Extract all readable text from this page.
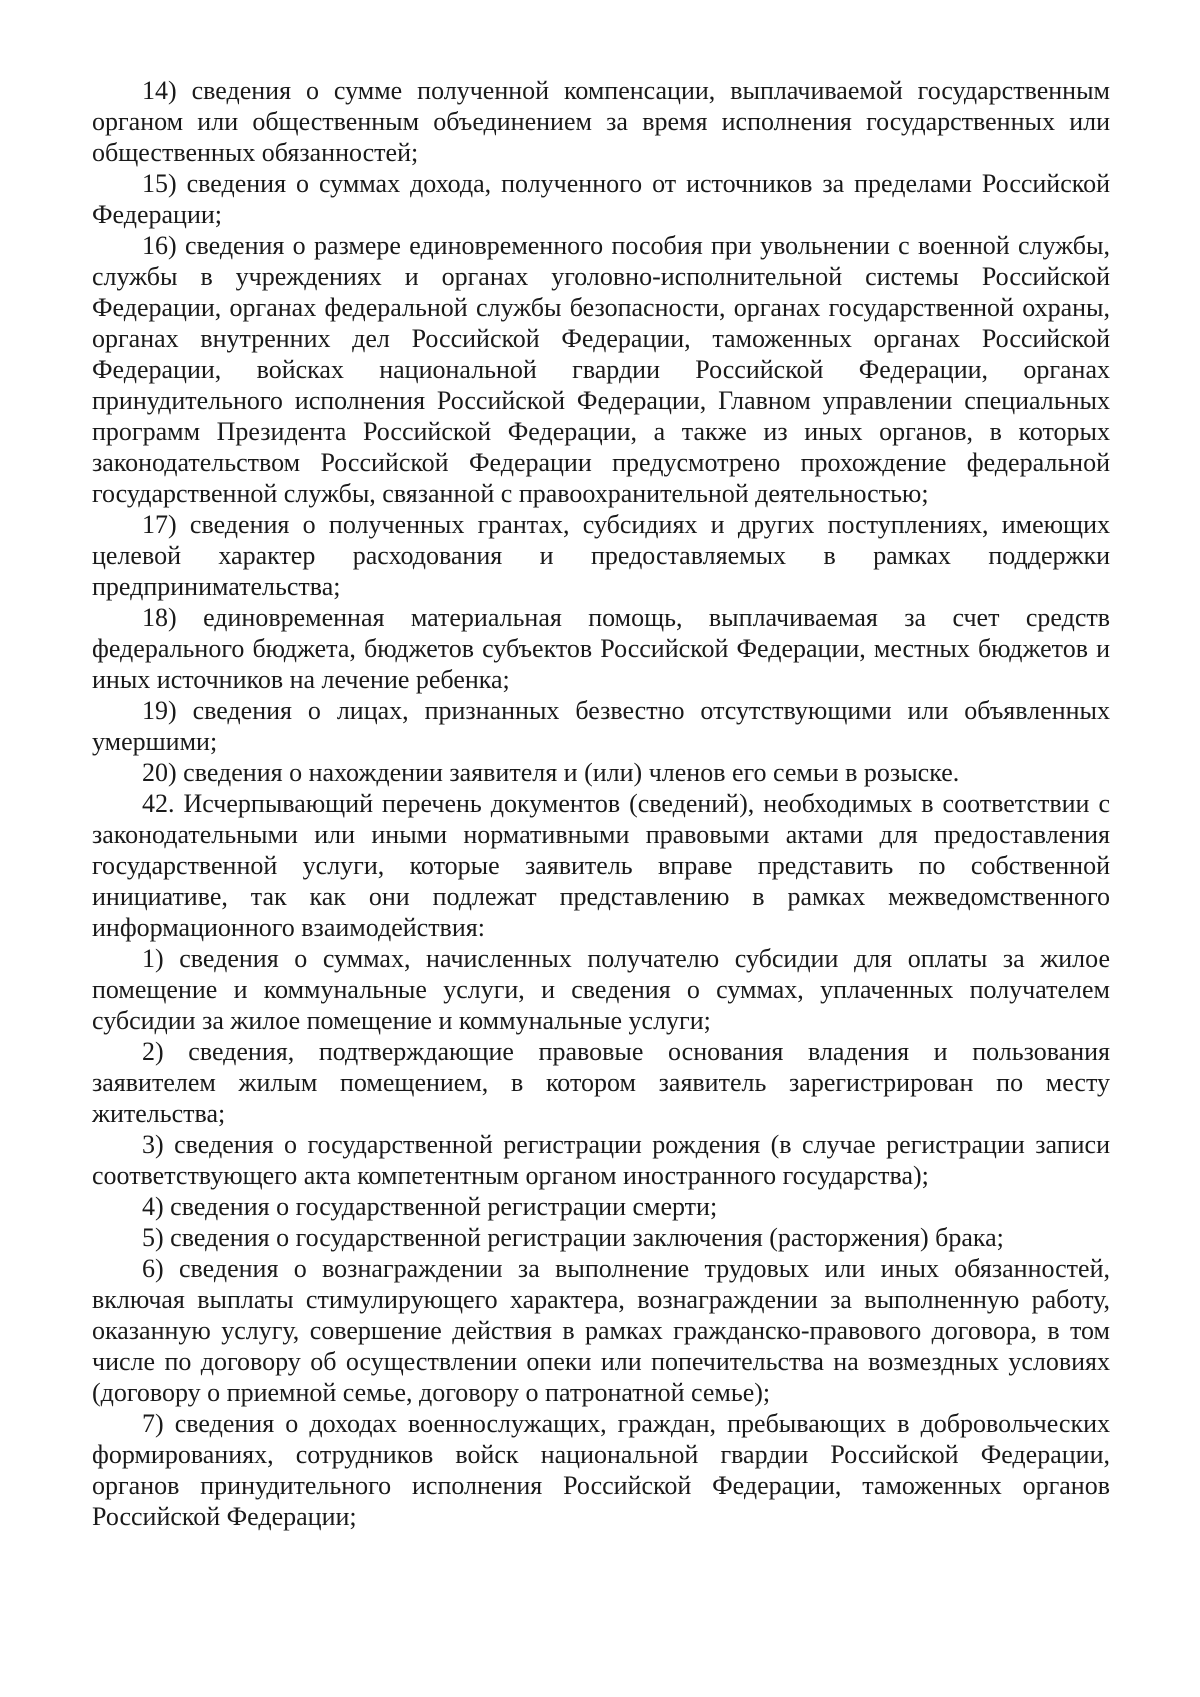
14) сведения о сумме полученной компенсации, выплачиваемой государственным органом или общественным объединением за время исполнения государственных или общественных обязанностей;

15) сведения о суммах дохода, полученного от источников за пределами Российской Федерации;

16) сведения о размере единовременного пособия при увольнении с военной службы, службы в учреждениях и органах уголовно-исполнительной системы Российской Федерации, органах федеральной службы безопасности, органах государственной охраны, органах внутренних дел Российской Федерации, таможенных органах Российской Федерации, войсках национальной гвардии Российской Федерации, органах принудительного исполнения Российской Федерации, Главном управлении специальных программ Президента Российской Федерации, а также из иных органов, в которых законодательством Российской Федерации предусмотрено прохождение федеральной государственной службы, связанной с правоохранительной деятельностью;

17) сведения о полученных грантах, субсидиях и других поступлениях, имеющих целевой характер расходования и предоставляемых в рамках поддержки предпринимательства;

18) единовременная материальная помощь, выплачиваемая за счет средств федерального бюджета, бюджетов субъектов Российской Федерации, местных бюджетов и иных источников на лечение ребенка;

19) сведения о лицах, признанных безвестно отсутствующими или объявленных умершими;

20) сведения о нахождении заявителя и (или) членов его семьи в розыске.

42. Исчерпывающий перечень документов (сведений), необходимых в соответствии с законодательными или иными нормативными правовыми актами для предоставления государственной услуги, которые заявитель вправе представить по собственной инициативе, так как они подлежат представлению в рамках межведомственного информационного взаимодействия:

1) сведения о суммах, начисленных получателю субсидии для оплаты за жилое помещение и коммунальные услуги, и сведения о суммах, уплаченных получателем субсидии за жилое помещение и коммунальные услуги;

2) сведения, подтверждающие правовые основания владения и пользования заявителем жилым помещением, в котором заявитель зарегистрирован по месту жительства;

3) сведения о государственной регистрации рождения (в случае регистрации записи соответствующего акта компетентным органом иностранного государства);

4) сведения о государственной регистрации смерти;

5) сведения о государственной регистрации заключения (расторжения) брака;

6) сведения о вознаграждении за выполнение трудовых или иных обязанностей, включая выплаты стимулирующего характера, вознаграждении за выполненную работу, оказанную услугу, совершение действия в рамках гражданско-правового договора, в том числе по договору об осуществлении опеки или попечительства на возмездных условиях (договору о приемной семье, договору о патронатной семье);

7) сведения о доходах военнослужащих, граждан, пребывающих в добровольческих формированиях, сотрудников войск национальной гвардии Российской Федерации, органов принудительного исполнения Российской Федерации, таможенных органов Российской Федерации;
